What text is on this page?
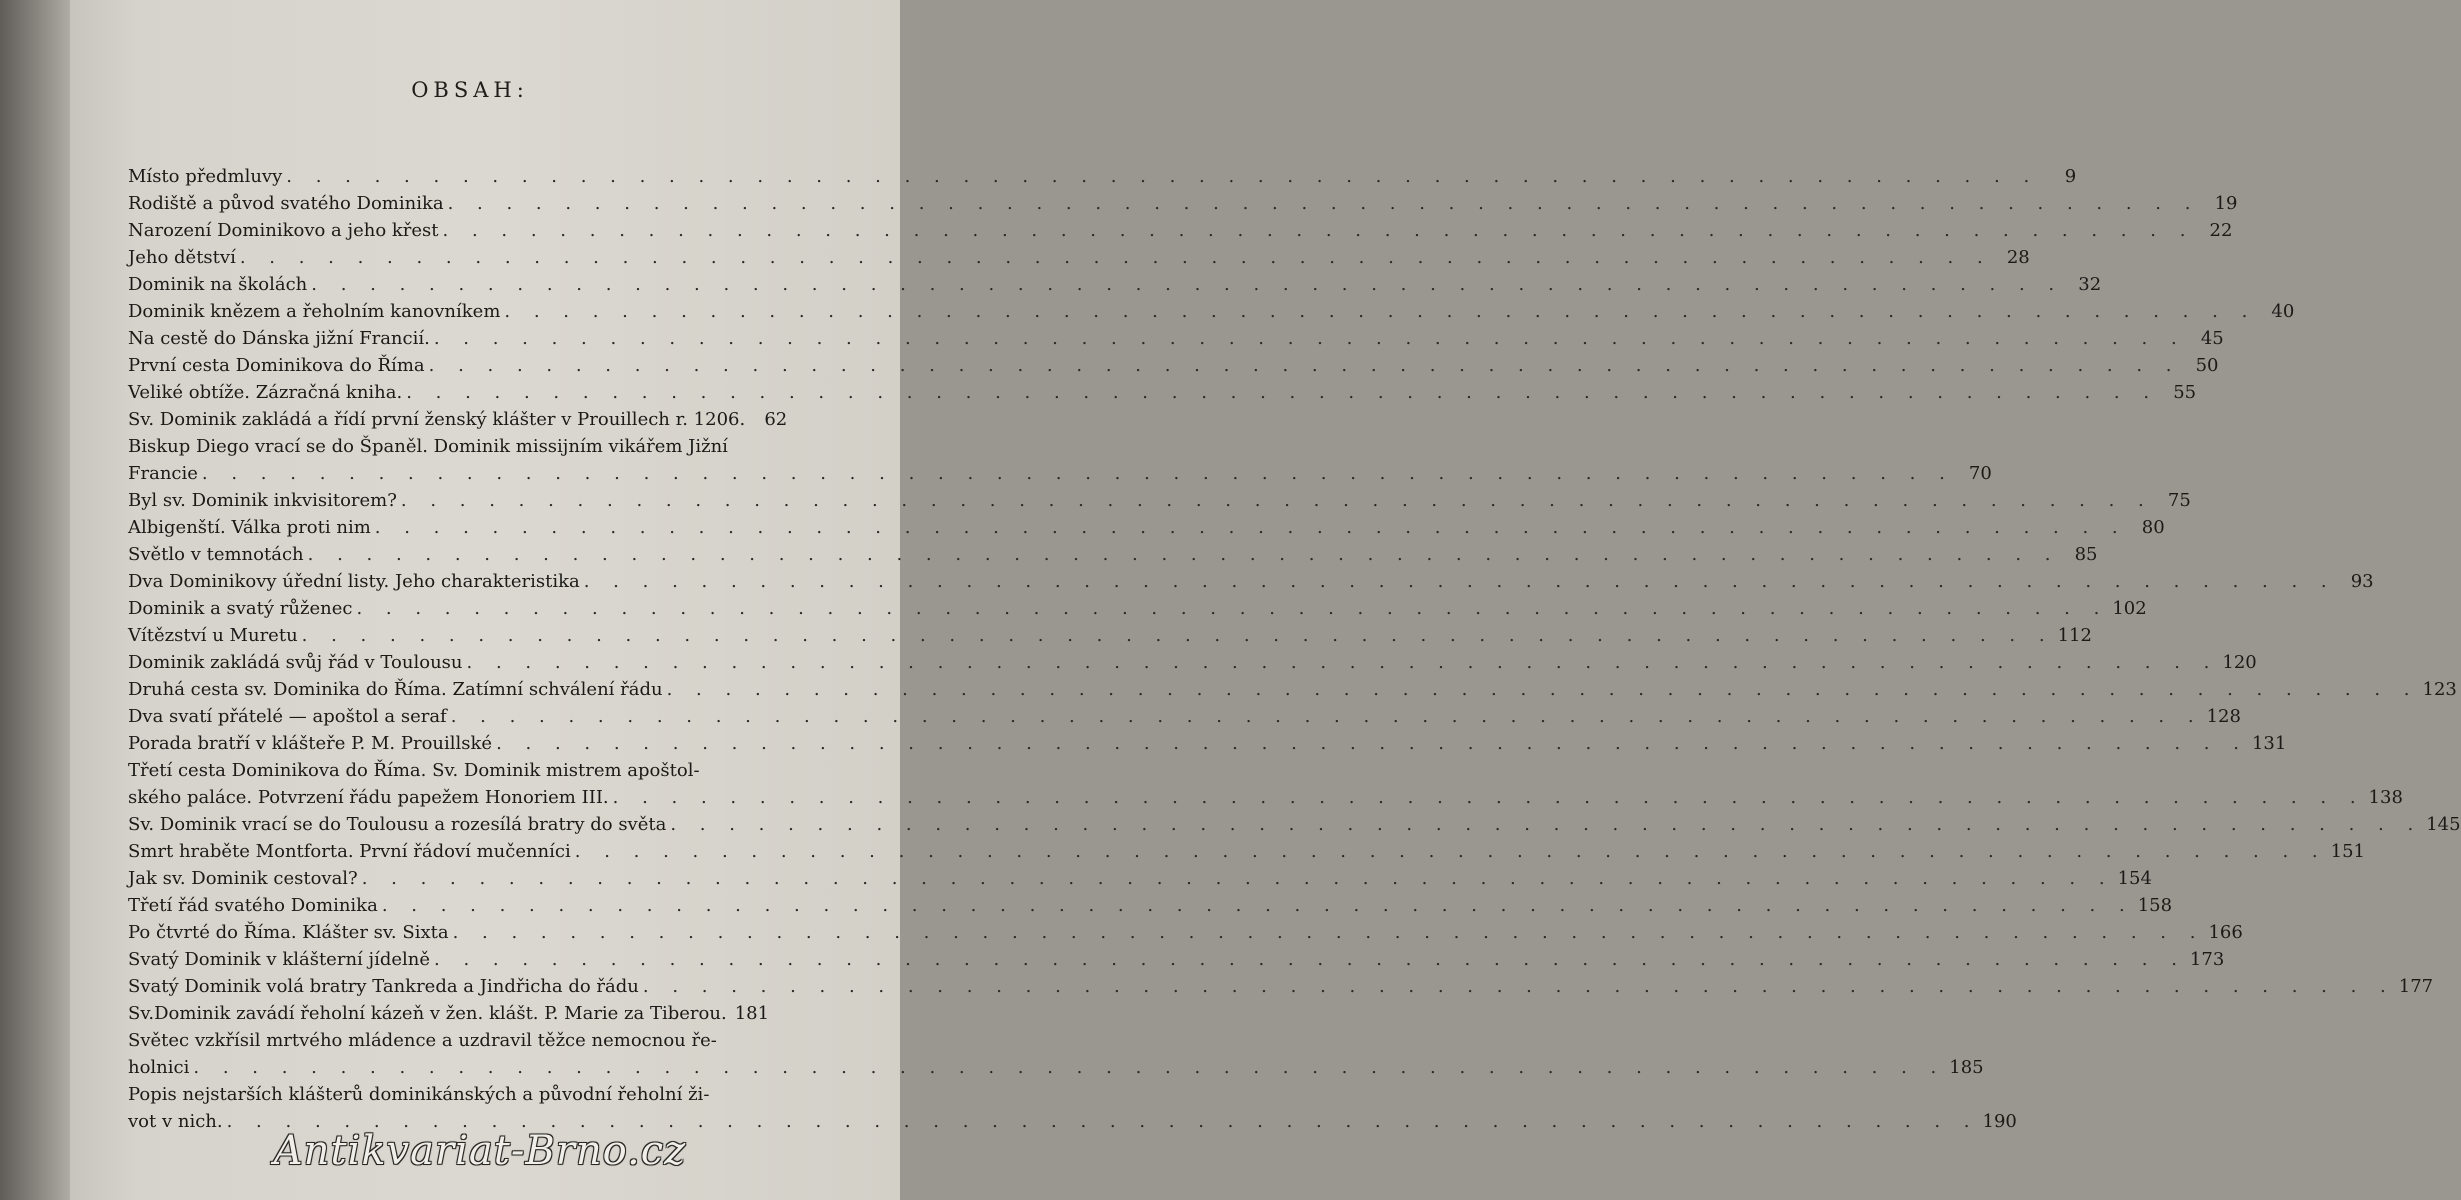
OBSAH:
Místo předmluvy . . . . . . . . . . . . . . . . . . . . . . . . . . . . . . . . . . . . . . . . . . . . . . . . . . . . . . . . . . . .	9
Rodiště a původ svatého Dominika . . . . . . . . . . . . . . . . . . . . . . . . . . . . . . . . . . . . . . . . . . . . . . . . . . . . . . . . . . . . 19
Narození Dominikovo a jeho křest . . . . . . . . . . . . . . . . . . . . . . . . . . . . . . . . . . . . . . . . . . . . . . . . . . . . . . . . . . . . 22
Jeho dětství . . . . . . . . . . . . . . . . . . . . . . . . . . . . . . . . . . . . . . . . . . . . . . . . . . . . . . . . . . . . 28
Dominik na školách . . . . . . . . . . . . . . . . . . . . . . . . . . . . . . . . . . . . . . . . . . . . . . . . . . . . . . . . . . . . 32
Dominik knězem a řeholním kanovníkem . . . . . . . . . . . . . . . . . . . . . . . . . . . . . . . . . . . . . . . . . . . . . . . . . . . . . . . . . . . . 40
Na cestě do Dánska jižní Francií. . . . . . . . . . . . . . . . . . . . . . . . . . . . . . . . . . . . . . . . . . . . . . . . . . . . . . . . . . . . . 45
První cesta Dominikova do Říma . . . . . . . . . . . . . . . . . . . . . . . . . . . . . . . . . . . . . . . . . . . . . . . . . . . . . . . . . . . . 50
Veliké obtíže. Zázračná kniha. . . . . . . . . . . . . . . . . . . . . . . . . . . . . . . . . . . . . . . . . . . . . . . . . . . . . . . . . . . . . 55
Sv. Dominik zakládá a řídí první ženský klášter v Prouillech r. 1206.	62
Biskup Diego vrací se do Španěl. Dominik missijním vikářem Jižní
Francie . . . . . . . . . . . . . . . . . . . . . . . . . . . . . . . . . . . . . . . . . . . . . . . . . . . . . . . . . . . . 70
Byl sv. Dominik inkvisitorem? . . . . . . . . . . . . . . . . . . . . . . . . . . . . . . . . . . . . . . . . . . . . . . . . . . . . . . . . . . . . 75
Albigenští. Válka proti nim . . . . . . . . . . . . . . . . . . . . . . . . . . . . . . . . . . . . . . . . . . . . . . . . . . . . . . . . . . . . 80
Světlo v temnotách . . . . . . . . . . . . . . . . . . . . . . . . . . . . . . . . . . . . . . . . . . . . . . . . . . . . . . . . . . . . 85
Dva Dominikovy úřední listy. Jeho charakteristika . . . . . . . . . . . . . . . . . . . . . . . . . . . . . . . . . . . . . . . . . . . . . . . . . . . . . . . . . . . . 93
Dominik a svatý růženec . . . . . . . . . . . . . . . . . . . . . . . . . . . . . . . . . . . . . . . . . . . . . . . . . . . . . . . . . . . . 102
Vítězství u Muretu . . . . . . . . . . . . . . . . . . . . . . . . . . . . . . . . . . . . . . . . . . . . . . . . . . . . . . . . . . . . 112
Dominik zakládá svůj řád v Toulousu . . . . . . . . . . . . . . . . . . . . . . . . . . . . . . . . . . . . . . . . . . . . . . . . . . . . . . . . . . . . 120
Druhá cesta sv. Dominika do Říma. Zatímní schválení řádu . . . . . . . . . . . . . . . . . . . . . . . . . . . . . . . . . . . . . . . . . . . . . . . . . . . . . . . . . . . . 123
Dva svatí přátelé — apoštol a seraf . . . . . . . . . . . . . . . . . . . . . . . . . . . . . . . . . . . . . . . . . . . . . . . . . . . . . . . . . . . . 128
Porada bratří v klášteře P. M. Prouillské . . . . . . . . . . . . . . . . . . . . . . . . . . . . . . . . . . . . . . . . . . . . . . . . . . . . . . . . . . . . 131
Třetí cesta Dominikova do Říma. Sv. Dominik mistrem apoštol-
ského paláce. Potvrzení řádu papežem Honoriem III. . . . . . . . . . . . . . . . . . . . . . . . . . . . . . . . . . . . . . . . . . . . . . . . . . . . . . . . . . . . . 138
Sv. Dominik vrací se do Toulousu a rozesílá bratry do světa . . . . . . . . . . . . . . . . . . . . . . . . . . . . . . . . . . . . . . . . . . . . . . . . . . . . . . . . . . . . 145
Smrt hraběte Montforta. První řádoví mučenníci . . . . . . . . . . . . . . . . . . . . . . . . . . . . . . . . . . . . . . . . . . . . . . . . . . . . . . . . . . . . 151
Jak sv. Dominik cestoval? . . . . . . . . . . . . . . . . . . . . . . . . . . . . . . . . . . . . . . . . . . . . . . . . . . . . . . . . . . . . 154
Třetí řád svatého Dominika . . . . . . . . . . . . . . . . . . . . . . . . . . . . . . . . . . . . . . . . . . . . . . . . . . . . . . . . . . . . 158
Po čtvrté do Říma. Klášter sv. Sixta . . . . . . . . . . . . . . . . . . . . . . . . . . . . . . . . . . . . . . . . . . . . . . . . . . . . . . . . . . . . 166
Svatý Dominik v klášterní jídelně . . . . . . . . . . . . . . . . . . . . . . . . . . . . . . . . . . . . . . . . . . . . . . . . . . . . . . . . . . . . 173
Svatý Dominik volá bratry Tankreda a Jindřicha do řádu . . . . . . . . . . . . . . . . . . . . . . . . . . . . . . . . . . . . . . . . . . . . . . . . . . . . . . . . . . . . 177
Sv.Dominik zavádí řeholní kázeň v žen. klášt. P. Marie za Tiberou. 181
Světec vzkřísil mrtvého mládence a uzdravil těžce nemocnou ře-
holnici . . . . . . . . . . . . . . . . . . . . . . . . . . . . . . . . . . . . . . . . . . . . . . . . . . . . . . . . . . . . 185
Popis nejstarších klášterů dominikánských a původní řeholní ži-
vot v nich. . . . . . . . . . . . . . . . . . . . . . . . . . . . . . . . . . . . . . . . . . . . . . . . . . . . . . . . . . . . . 190
Antikvariat-Brno.cz
